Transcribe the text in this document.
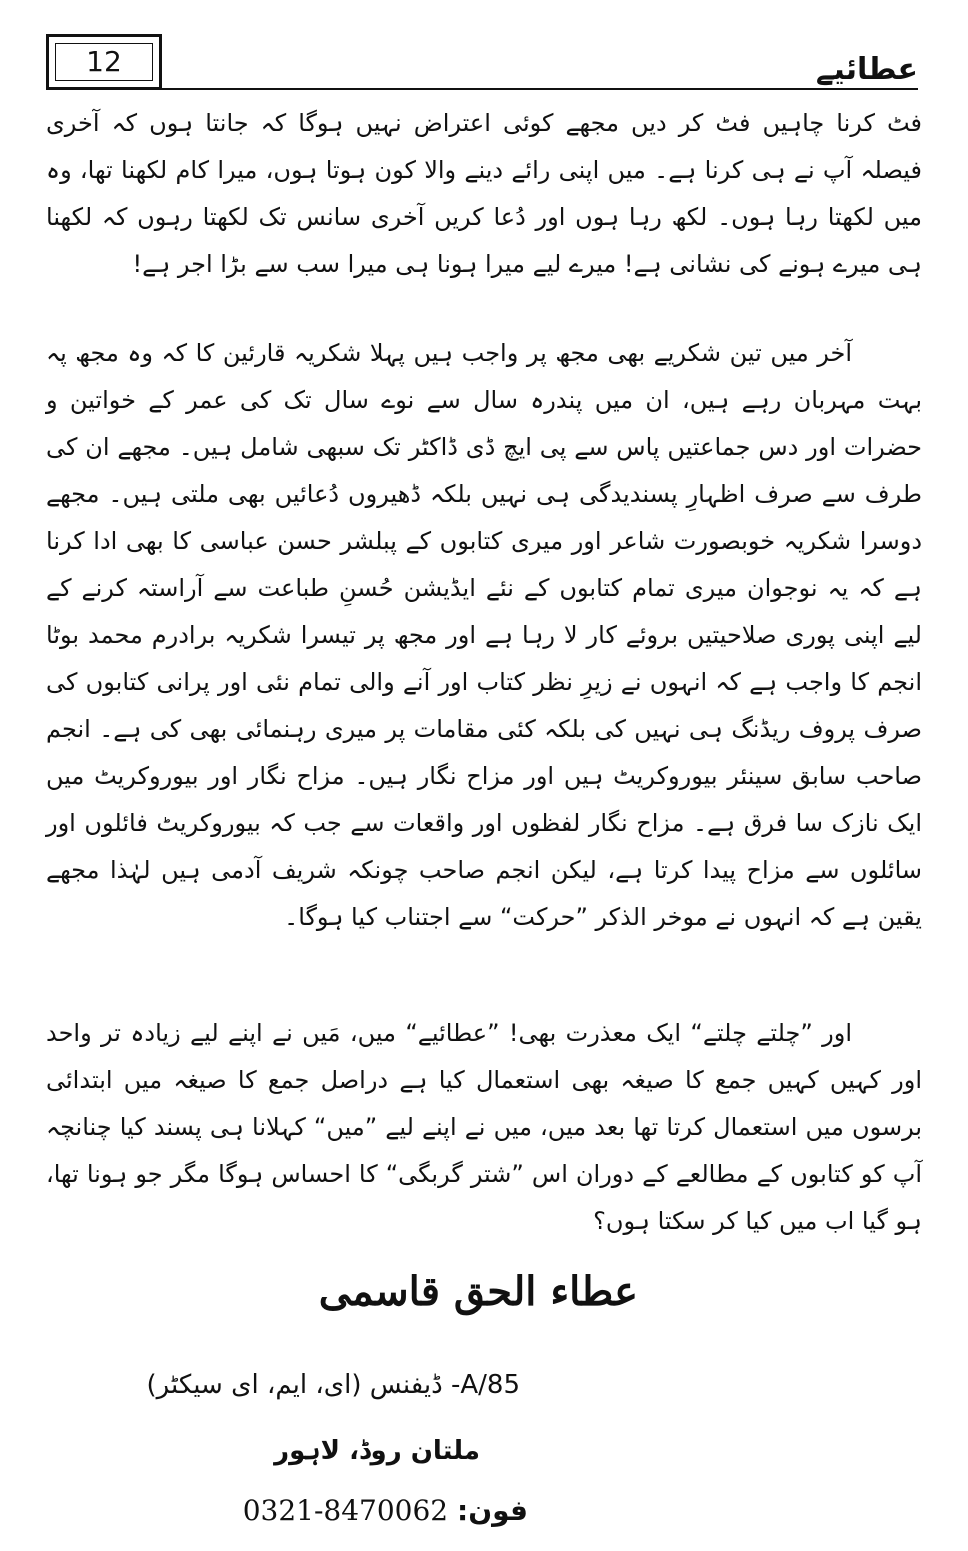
12	عطائیے

فٹ کرنا چاہیں فٹ کر دیں مجھے کوئی اعتراض نہیں ہوگا کہ جانتا ہوں کہ آخری فیصلہ آپ نے ہی کرنا ہے۔ میں اپنی رائے دینے والا کون ہوتا ہوں، میرا کام لکھنا تھا، وہ میں لکھتا رہا ہوں۔ لکھ رہا ہوں اور دُعا کریں آخری سانس تک لکھتا رہوں کہ لکھنا ہی میرے ہونے کی نشانی ہے! میرے لیے میرا ہونا ہی میرا سب سے بڑا اجر ہے!

آخر میں تین شکریے بھی مجھ پر واجب ہیں پہلا شکریہ قارئین کا کہ وہ مجھ پہ بہت مہربان رہے ہیں، ان میں پندرہ سال سے نوے سال تک کی عمر کے خواتین و حضرات اور دس جماعتیں پاس سے پی ایچ ڈی ڈاکٹر تک سبھی شامل ہیں۔ مجھے ان کی طرف سے صرف اظہارِ پسندیدگی ہی نہیں بلکہ ڈھیروں دُعائیں بھی ملتی ہیں۔ مجھے دوسرا شکریہ خوبصورت شاعر اور میری کتابوں کے پبلشر حسن عباسی کا بھی ادا کرنا ہے کہ یہ نوجوان میری تمام کتابوں کے نئے ایڈیشن حُسنِ طباعت سے آراستہ کرنے کے لیے اپنی پوری صلاحیتیں بروئے کار لا رہا ہے اور مجھ پر تیسرا شکریہ برادرم محمد بوٹا انجم کا واجب ہے کہ انہوں نے زیرِ نظر کتاب اور آنے والی تمام نئی اور پرانی کتابوں کی صرف پروف ریڈنگ ہی نہیں کی بلکہ کئی مقامات پر میری رہنمائی بھی کی ہے۔ انجم صاحب سابق سینئر بیوروکریٹ ہیں اور مزاح نگار ہیں۔ مزاح نگار اور بیوروکریٹ میں ایک نازک سا فرق ہے۔ مزاح نگار لفظوں اور واقعات سے جب کہ بیوروکریٹ فائلوں اور سائلوں سے مزاح پیدا کرتا ہے، لیکن انجم صاحب چونکہ شریف آدمی ہیں لہٰذا مجھے یقین ہے کہ انہوں نے موخر الذکر ”حرکت“ سے اجتناب کیا ہوگا۔

اور ”چلتے چلتے“ ایک معذرت بھی! ”عطائیے“ میں، مَیں نے اپنے لیے زیادہ تر واحد اور کہیں کہیں جمع کا صیغہ بھی استعمال کیا ہے دراصل جمع کا صیغہ میں ابتدائی برسوں میں استعمال کرتا تھا بعد میں، میں نے اپنے لیے ”میں“ کہلانا ہی پسند کیا چنانچہ آپ کو کتابوں کے مطالعے کے دوران اس ”شتر گربگی“ کا احساس ہوگا مگر جو ہونا تھا، ہو گیا اب میں کیا کر سکتا ہوں؟

عطاء الحق قاسمی
85/A- ڈیفنس (ای، ایم، ای سیکٹر)
ملتان روڈ، لاہور
فون: 0321-8470062
